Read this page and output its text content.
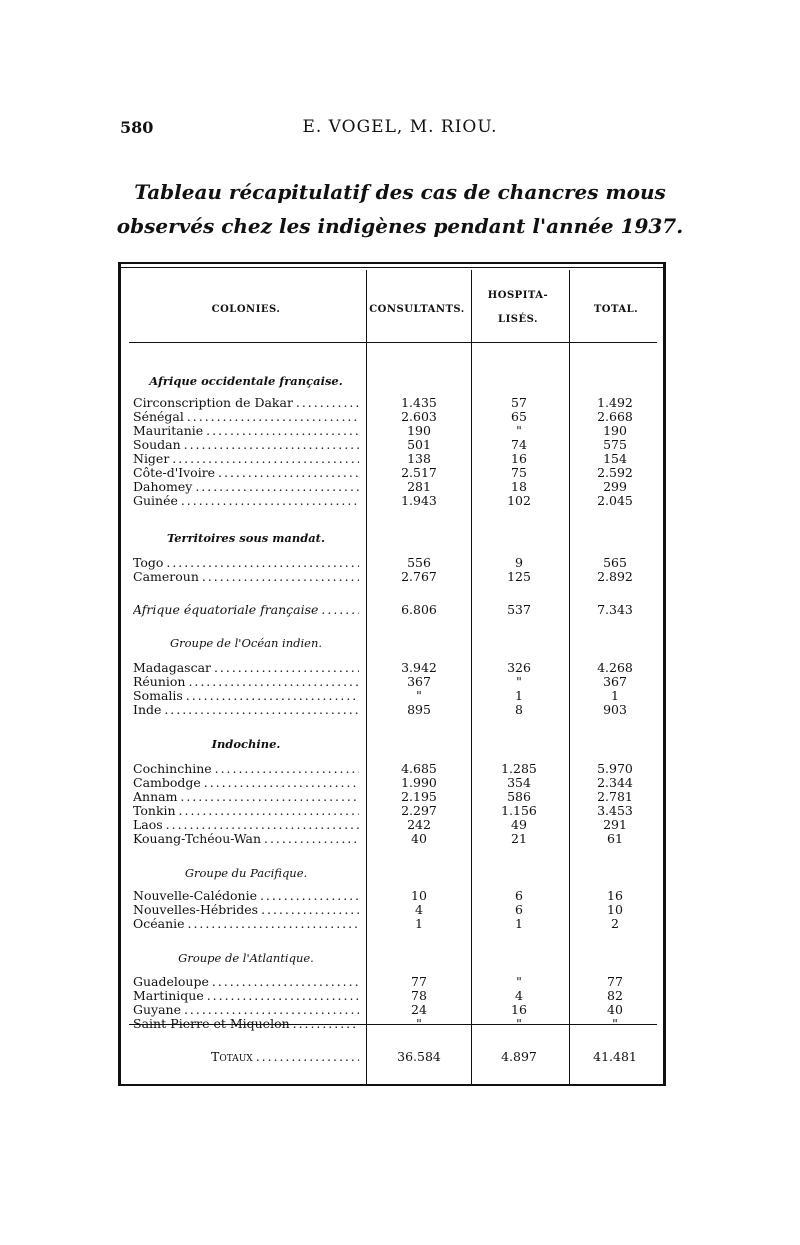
580	E. VOGEL, M. RIOU.
Tableau récapitulatif des cas de chancres mous
observés chez les indigènes pendant l'année 1937.
COLONIES.	CONSULTANTS.
HOSPITA-
LISÉS.
TOTAL.
Afrique occidentale française.
Circonscription de Dakar . . .	1.435	57	1.492
Sénégal . . .	2.603	65	2.668
Mauritanie . . .	190	"	190
Soudan . . .	501	74	575
Niger . . .	138	16	154
Côte-d'Ivoire . . .	2.517	75	2.592
Dahomey . . .	281	18	299
Guinée . . .	1.943	102	2.045
Territoires sous mandat.
Togo . . .	556	9	565
Cameroun . . .	2.767	125	2.892
Afrique équatoriale française . . .	6.806	537	7.343
Groupe de l'Océan indien.
Madagascar . . .	3.942	326	4.268
Réunion . . .	367	"	367
Somalis . . .	"	1	1
Inde . . .	895	8	903
Indochine.
Cochinchine . . .	4.685	1.285	5.970
Cambodge . . .	1.990	354	2.344
Annam . . .	2.195	586	2.781
Tonkin . . .	2.297	1.156	3.453
Laos . . .	242	49	291
Kouang-Tchéou-Wan . . .	40	21	61
Groupe du Pacifique.
Nouvelle-Calédonie . . .	10	6	16
Nouvelles-Hébrides . . .	4	6	10
Océanie . . .	1	1	2
Groupe de l'Atlantique.
Guadeloupe . . .	77	"	77
Martinique . . .	78	4	82
Guyane . . .	24	16	40
Saint-Pierre et Miquelon . . .	"	"	"
Totaux . . .	36.584	4.897	41.481
